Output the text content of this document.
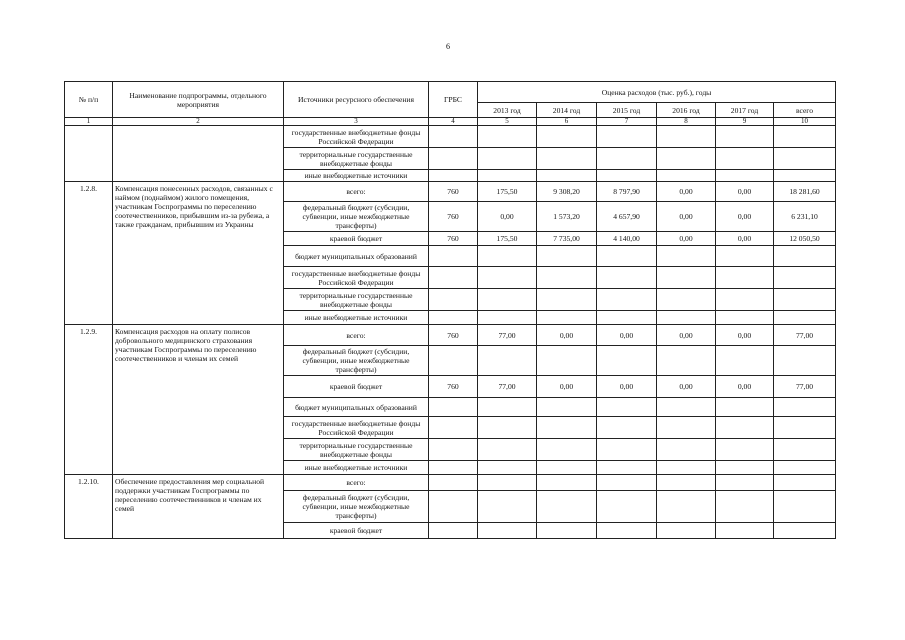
6
№ п/п	Наименование подпрограммы, отдельного мероприятия	Источники ресурсного обеспечения	ГРБС	Оценка расходов (тыс. руб.), годы					
				2013 год	2014 год	2015 год	2016 год	2017 год	всего
1	2	3	4	5	6	7	8	9	10
		государственные внебюджетные фонды Российской Федерации							
		территориальные государственные внебюджетные фонды							
		иные внебюджетные источники							
1.2.8.	Компенсация понесенных расходов, связанных с наймом (поднаймом) жилого помещения, участникам Госпрограммы по переселению соотечественников, прибывшим из-за рубежа, а также гражданам, прибывшим из Украины	всего:	760	175,50	9 308,20	8 797,90	0,00	0,00	18 281,60
		федеральный бюджет (субсидии, субвенции, иные межбюджетные трансферты)	760	0,00	1 573,20	4 657,90	0,00	0,00	6 231,10
		краевой бюджет	760	175,50	7 735,00	4 140,00	0,00	0,00	12 050,50
		бюджет муниципальных образований							
		государственные внебюджетные фонды Российской Федерации							
		территориальные государственные внебюджетные фонды							
		иные внебюджетные источники							
1.2.9.	Компенсация расходов на оплату полисов добровольного медицинского страхования участникам Госпрограммы по переселению соотечественников и членам их семей	всего:	760	77,00	0,00	0,00	0,00	0,00	77,00
		федеральный бюджет (субсидии, субвенции, иные межбюджетные трансферты)							
		краевой бюджет	760	77,00	0,00	0,00	0,00	0,00	77,00
		бюджет муниципальных образований							
		государственные внебюджетные фонды Российской Федерации							
		территориальные государственные внебюджетные фонды							
		иные внебюджетные источники							
1.2.10.	Обеспечение предоставления мер социальной поддержки участникам Госпрограммы по переселению соотечественников и членам их семей	всего:							
		федеральный бюджет (субсидии, субвенции, иные межбюджетные трансферты)							
		краевой бюджет							
